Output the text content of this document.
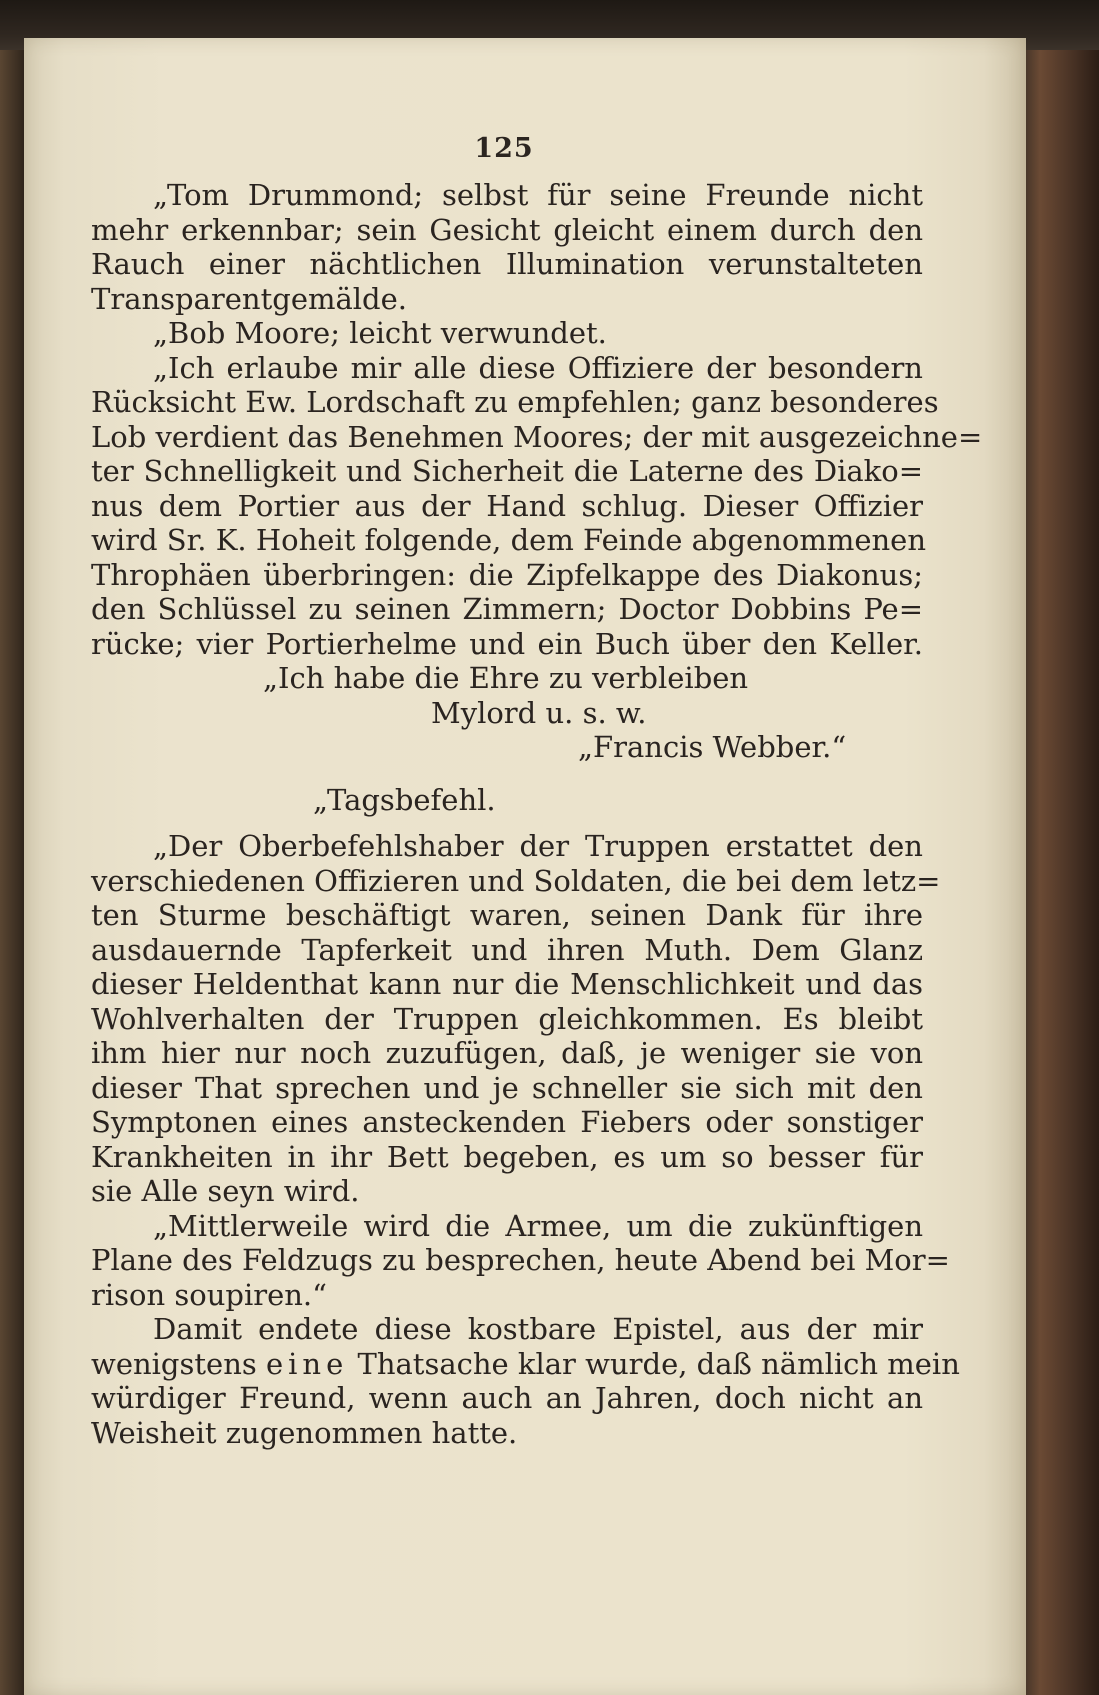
125
„Tom Drummond; selbst für seine Freunde nicht
mehr erkennbar; sein Gesicht gleicht einem durch den
Rauch einer nächtlichen Illumination verunstalteten
Transparentgemälde.
„Bob Moore; leicht verwundet.
„Ich erlaube mir alle diese Offiziere der besondern
Rücksicht Ew. Lordschaft zu empfehlen; ganz besonderes
Lob verdient das Benehmen Moores; der mit ausgezeichne=
ter Schnelligkeit und Sicherheit die Laterne des Diako=
nus dem Portier aus der Hand schlug. Dieser Offizier
wird Sr. K. Hoheit folgende, dem Feinde abgenommenen
Throphäen überbringen: die Zipfelkappe des Diakonus;
den Schlüssel zu seinen Zimmern; Doctor Dobbins Pe=
rücke; vier Portierhelme und ein Buch über den Keller.
„Ich habe die Ehre zu verbleiben
Mylord u. s. w.
„Francis Webber.“
„Tagsbefehl.
„Der Oberbefehlshaber der Truppen erstattet den
verschiedenen Offizieren und Soldaten, die bei dem letz=
ten Sturme beschäftigt waren, seinen Dank für ihre
ausdauernde Tapferkeit und ihren Muth. Dem Glanz
dieser Heldenthat kann nur die Menschlichkeit und das
Wohlverhalten der Truppen gleichkommen. Es bleibt
ihm hier nur noch zuzufügen, daß, je weniger sie von
dieser That sprechen und je schneller sie sich mit den
Symptonen eines ansteckenden Fiebers oder sonstiger
Krankheiten in ihr Bett begeben, es um so besser für
sie Alle seyn wird.
„Mittlerweile wird die Armee, um die zukünftigen
Plane des Feldzugs zu besprechen, heute Abend bei Mor=
rison soupiren.“
Damit endete diese kostbare Epistel, aus der mir
wenigstens eine Thatsache klar wurde, daß nämlich mein
würdiger Freund, wenn auch an Jahren, doch nicht an
Weisheit zugenommen hatte.
